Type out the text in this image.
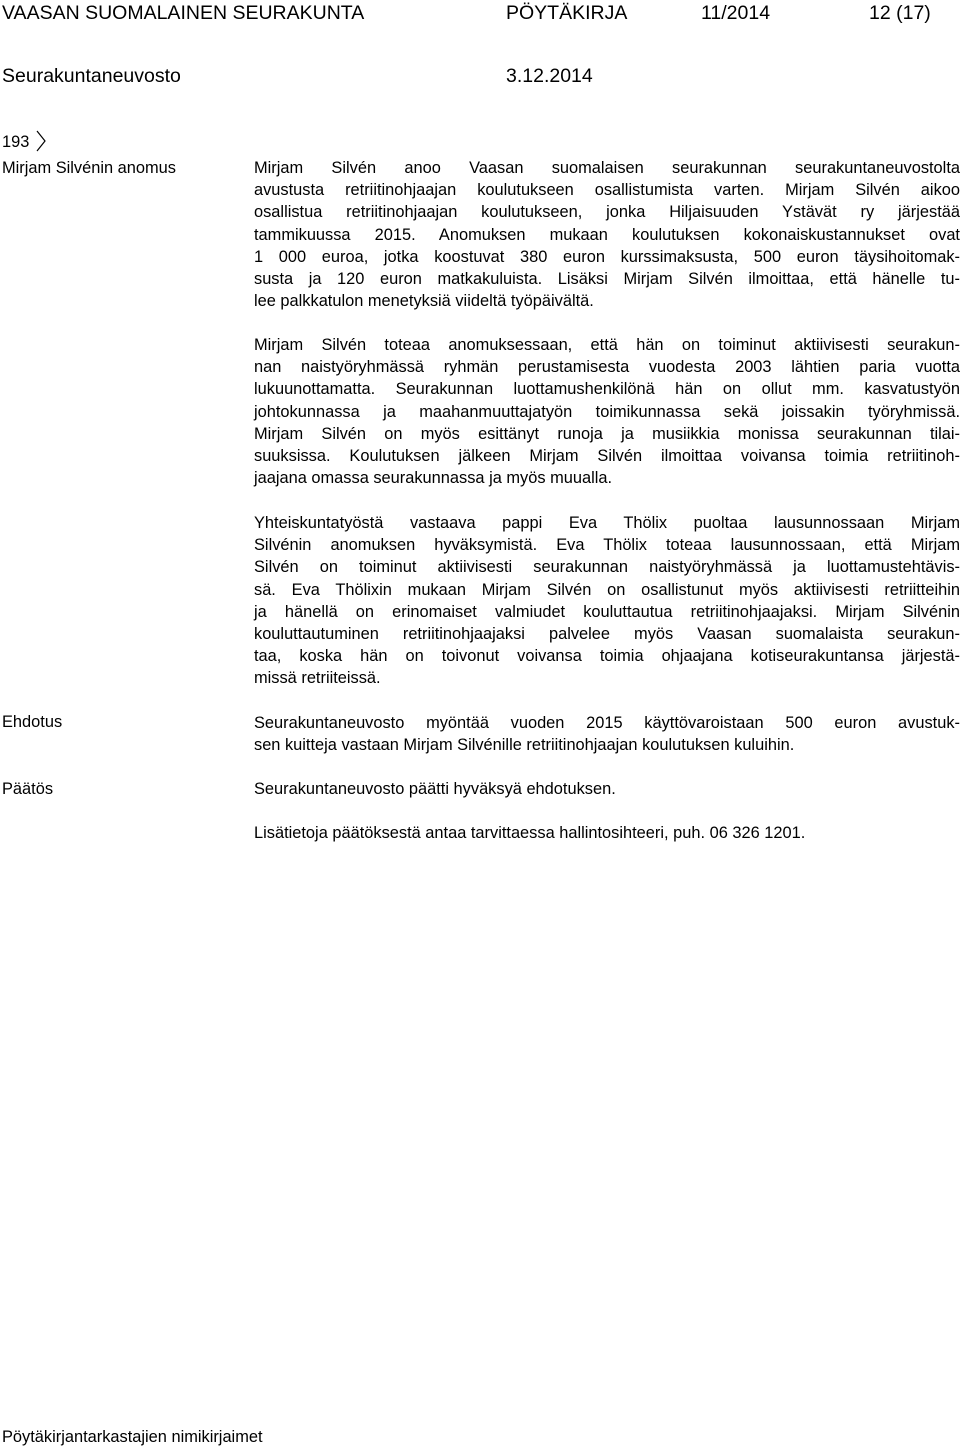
VAASAN SUOMALAINEN SEURAKUNTA	PÖYTÄKIRJA	11/2014	12 (17)
Seurakuntaneuvosto	3.12.2014
193
Mirjam Silvénin anomus	Mirjam Silvén anoo Vaasan suomalaisen seurakunnan seurakuntaneuvostolta
avustusta retriitinohjaajan koulutukseen osallistumista varten. Mirjam Silvén aikoo
osallistua retriitinohjaajan koulutukseen, jonka Hiljaisuuden Ystävät ry järjestää
tammikuussa 2015. Anomuksen mukaan koulutuksen kokonaiskustannukset ovat
1 000 euroa, jotka koostuvat 380 euron kurssimaksusta, 500 euron täysihoitomak-
susta ja 120 euron matkakuluista. Lisäksi Mirjam Silvén ilmoittaa, että hänelle tu-
lee palkkatulon menetyksiä viideltä työpäivältä.
Mirjam Silvén toteaa anomuksessaan, että hän on toiminut aktiivisesti seurakun-
nan naistyöryhmässä ryhmän perustamisesta vuodesta 2003 lähtien paria vuotta
lukuunottamatta. Seurakunnan luottamushenkilönä hän on ollut mm. kasvatustyön
johtokunnassa ja maahanmuuttajatyön toimikunnassa sekä joissakin työryhmissä.
Mirjam Silvén on myös esittänyt runoja ja musiikkia monissa seurakunnan tilai-
suuksissa. Koulutuksen jälkeen Mirjam Silvén ilmoittaa voivansa toimia retriitinoh-
jaajana omassa seurakunnassa ja myös muualla.
Yhteiskuntatyöstä vastaava pappi Eva Thölix puoltaa lausunnossaan Mirjam
Silvénin anomuksen hyväksymistä. Eva Thölix toteaa lausunnossaan, että Mirjam
Silvén on toiminut aktiivisesti seurakunnan naistyöryhmässä ja luottamustehtävis-
sä. Eva Thölixin mukaan Mirjam Silvén on osallistunut myös aktiivisesti retriitteihin
ja hänellä on erinomaiset valmiudet kouluttautua retriitinohjaajaksi. Mirjam Silvénin
kouluttautuminen retriitinohjaajaksi palvelee myös Vaasan suomalaista seurakun-
taa, koska hän on toivonut voivansa toimia ohjaajana kotiseurakuntansa järjestä-
missä retriiteissä.
Ehdotus	Seurakuntaneuvosto myöntää vuoden 2015 käyttövaroistaan 500 euron avustuk-
sen kuitteja vastaan Mirjam Silvénille retriitinohjaajan koulutuksen kuluihin.
Päätös	Seurakuntaneuvosto päätti hyväksyä ehdotuksen.
Lisätietoja päätöksestä antaa tarvittaessa hallintosihteeri, puh. 06 326 1201.
Pöytäkirjantarkastajien nimikirjaimet
